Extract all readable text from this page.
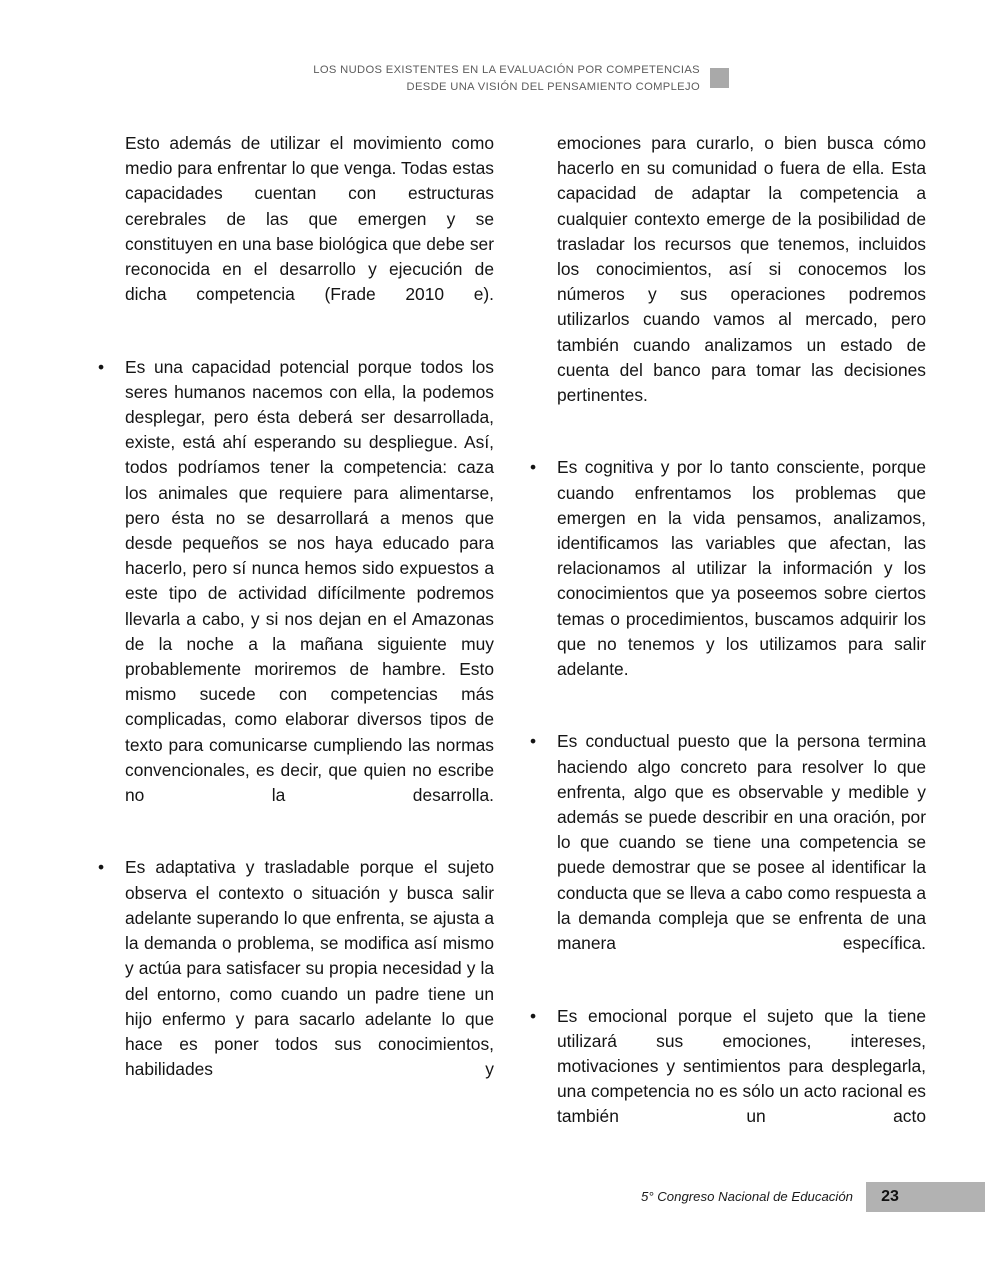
LOS NUDOS EXISTENTES EN LA EVALUACIÓN POR COMPETENCIAS
DESDE UNA VISIÓN DEL PENSAMIENTO COMPLEJO

Esto además de utilizar el movimiento como medio para enfrentar lo que venga. Todas estas capacidades cuentan con estructuras cerebrales de las que emergen y se constituyen en una base biológica que debe ser reconocida en el desarrollo y ejecución de dicha competencia (Frade 2010 e).

•	Es una capacidad potencial porque todos los seres humanos nacemos con ella, la podemos desplegar, pero ésta deberá ser desarrollada, existe, está ahí esperando su despliegue. Así, todos podríamos tener la competencia: caza los animales que requiere para alimentarse, pero ésta no se desarrollará a menos que desde pequeños se nos haya educado para hacerlo, pero sí nunca hemos sido expuestos a este tipo de actividad difícilmente podremos llevarla a cabo, y si nos dejan en el Amazonas de la noche a la mañana siguiente muy probablemente moriremos de hambre. Esto mismo sucede con competencias más complicadas, como elaborar diversos tipos de texto para comunicarse cumpliendo las normas convencionales, es decir, que quien no escribe no la desarrolla.

•	Es adaptativa y trasladable porque el sujeto observa el contexto o situación y busca salir adelante superando lo que enfrenta, se ajusta a la demanda o problema, se modifica así mismo y actúa para satisfacer su propia necesidad y la del entorno, como cuando un padre tiene un hijo enfermo y para sacarlo adelante lo que hace es poner todos sus conocimientos, habilidades y

emociones para curarlo, o bien busca cómo hacerlo en su comunidad o fuera de ella. Esta capacidad de adaptar la competencia a cualquier contexto emerge de la posibilidad de trasladar los recursos que tenemos, incluidos los conocimientos, así si conocemos los números y sus operaciones podremos utilizarlos cuando vamos al mercado, pero también cuando analizamos un estado de cuenta del banco para tomar las decisiones pertinentes.

•	Es cognitiva y por lo tanto consciente, porque cuando enfrentamos los problemas que emergen en la vida pensamos, analizamos, identificamos las variables que afectan, las relacionamos al utilizar la información y los conocimientos que ya poseemos sobre ciertos temas o procedimientos, buscamos adquirir los que no tenemos y los utilizamos para salir adelante.

•	Es conductual puesto que la persona termina haciendo algo concreto para resolver lo que enfrenta, algo que es observable y medible y además se puede describir en una oración, por lo que cuando se tiene una competencia se puede demostrar que se posee al identificar la conducta que se lleva a cabo como respuesta a la demanda compleja que se enfrenta de una manera específica.

•	Es emocional porque el sujeto que la tiene utilizará sus emociones, intereses, motivaciones y sentimientos para desplegarla, una competencia no es sólo un acto racional es también un acto

5° Congreso Nacional de Educación	23
